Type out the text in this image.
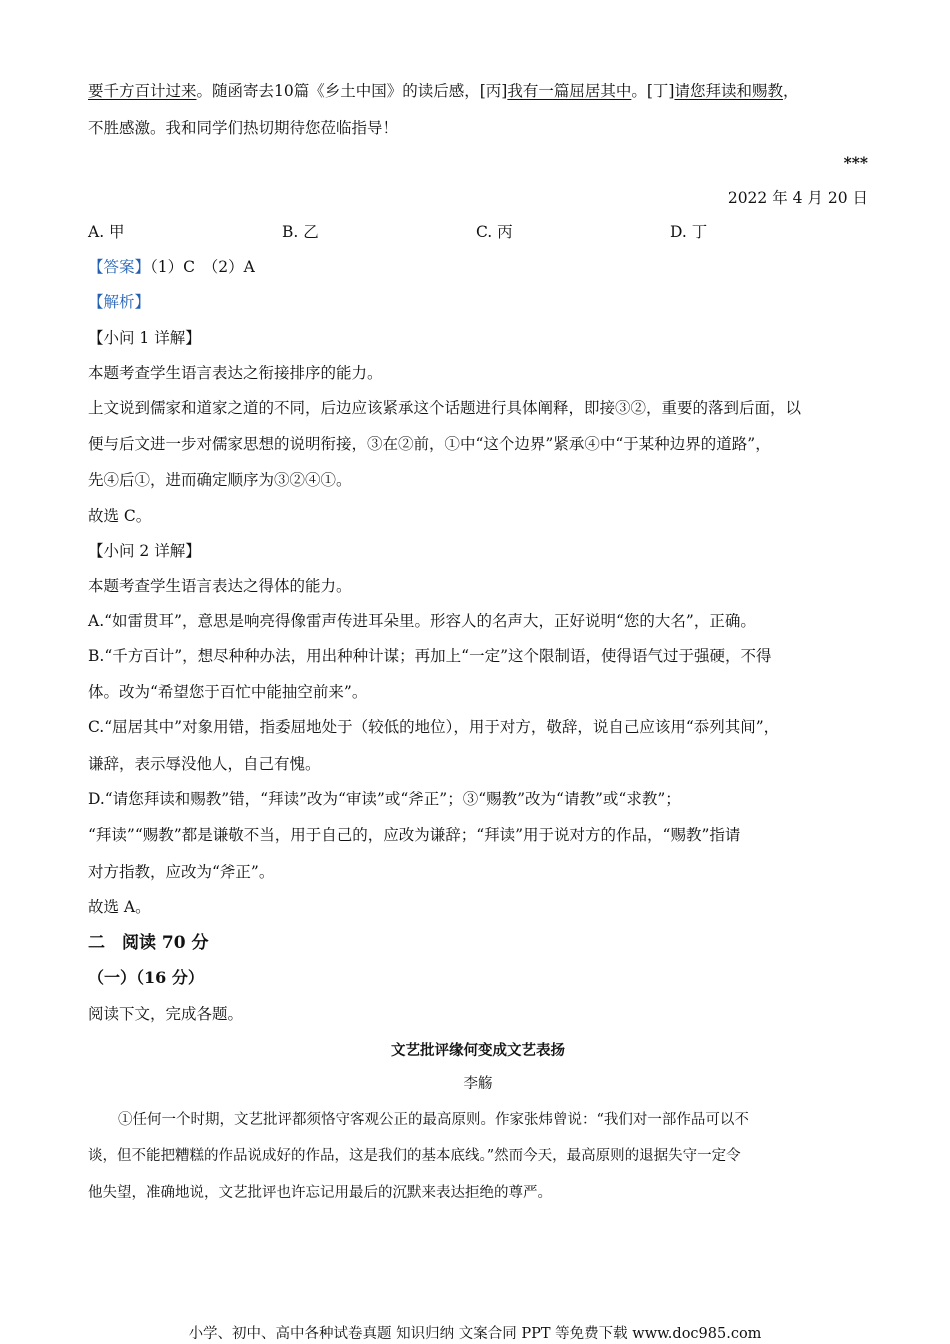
要千方百计过来。随函寄去10篇《乡土中国》的读后感，[丙]我有一篇屈居其中。[丁]请您拜读和赐教，
不胜感激。我和同学们热切期待您莅临指导！
***
2022 年 4 月 20 日
A. 甲	B. 乙	C. 丙	D. 丁
【答案】（1）C　（2）A
【解析】
【小问 1 详解】
本题考查学生语言表达之衔接排序的能力。
上文说到儒家和道家之道的不同，后边应该紧承这个话题进行具体阐释，即接③②，重要的落到后面，以
便与后文进一步对儒家思想的说明衔接，③在②前，①中“这个边界”紧承④中“于某种边界的道路”，
先④后①，进而确定顺序为③②④①。
故选 C。
【小问 2 详解】
本题考查学生语言表达之得体的能力。
A.“如雷贯耳”，意思是响亮得像雷声传进耳朵里。形容人的名声大，正好说明“您的大名”，正确。
B.“千方百计”，想尽种种办法，用出种种计谋；再加上“一定”这个限制语，使得语气过于强硬，不得
体。改为“希望您于百忙中能抽空前来”。
C.“屈居其中”对象用错，指委屈地处于（较低的地位），用于对方，敬辞，说自己应该用“忝列其间”，
谦辞，表示辱没他人，自己有愧。
D.“请您拜读和赐教”错，“拜读”改为“审读”或“斧正”；③“赐教”改为“请教”或“求教”；
“拜读”“赐教”都是谦敬不当，用于自己的，应改为谦辞；“拜读”用于说对方的作品，“赐教”指请
对方指教，应改为“斧正”。
故选 A。
二　阅读 70 分
（一）（16 分）
阅读下文，完成各题。
文艺批评缘何变成文艺表扬
李觞
①任何一个时期，文艺批评都须恪守客观公正的最高原则。作家张炜曾说：“我们对一部作品可以不
谈，但不能把糟糕的作品说成好的作品，这是我们的基本底线。”然而今天，最高原则的退据失守一定令
他失望，准确地说，文艺批评也许忘记用最后的沉默来表达拒绝的尊严。
小学、初中、高中各种试卷真题 知识归纳 文案合同 PPT 等免费下载 www.doc985.com
